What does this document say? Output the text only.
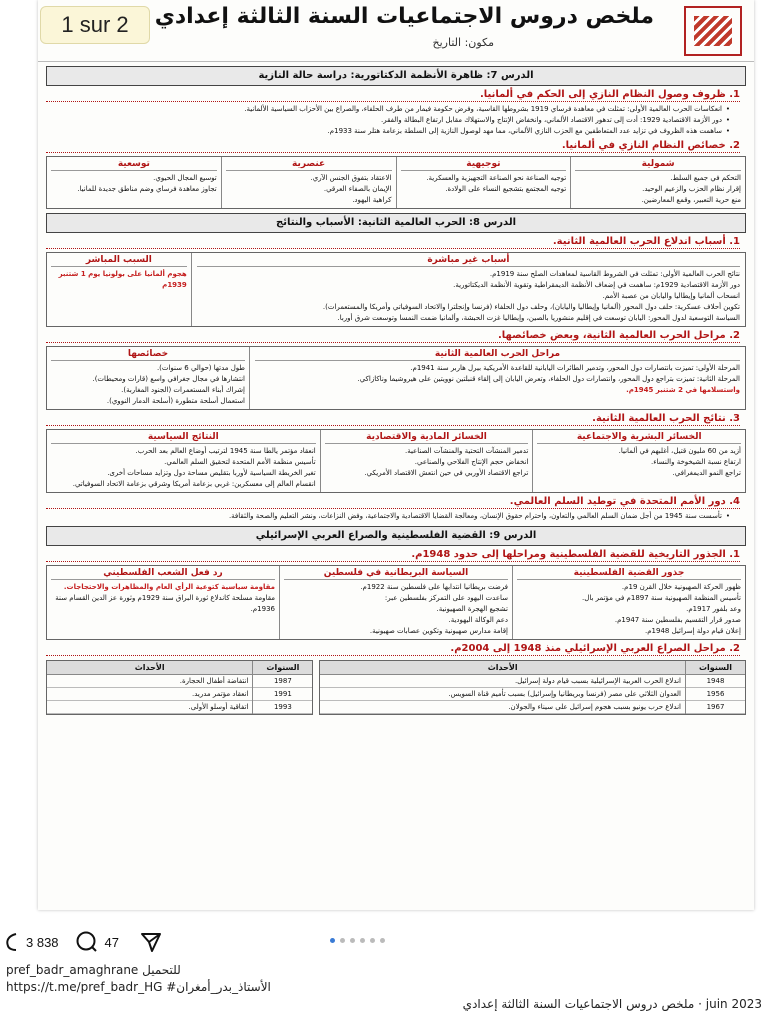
1 sur 2	ملخص دروس الاجتماعيات السنة الثالثة إعدادي
مكون: التاريخ
الدرس 7: ظاهرة الأنظمة الدكتاتورية: دراسة حالة النازية
1. ظروف وصول النظام النازي إلى الحكم في ألمانيا.
• انعكاسات الحرب العالمية الأولى: تمثلت في معاهدة فرساي 1919 بشروطها القاسية، وفرض حكومة فيمار من طرف الحلفاء، والصراع بين الأحزاب السياسية الألمانية.
• دور الأزمة الاقتصادية 1929: أدت إلى تدهور الاقتصاد الألماني، وانخفاض الإنتاج والاستهلاك مقابل ارتفاع البطالة والفقر.
• ساهمت هذه الظروف في تزايد عدد المتعاطفين مع الحزب النازي الألماني، مما مهد لوصول النازية إلى السلطة بزعامة هتلر سنة 1933م.
2. خصائص النظام النازي في ألمانيا.
شمولية
التحكم في جميع السلط.
إقرار نظام الحزب والزعيم الوحيد.
منع حرية التعبير، وقمع المعارضين.
توجيهية
توجيه الصناعة نحو الصناعة التجهيزية والعسكرية.
توجيه المجتمع بتشجيع النساء على الولادة.
عنصرية
الاعتقاد بتفوق الجنس الآري.
الإيمان بالصفاء العرقي.
كراهية اليهود.
توسعية
توسيع المجال الحيوي.
تجاوز معاهدة فرساي وضم مناطق جديدة للمانيا.
الدرس 8: الحرب العالمية الثانية: الأسباب والنتائج
1. أسباب اندلاع الحرب العالمية الثانية.
أسباب غير مباشرة
نتائج الحرب العالمية الأولى: تمثلت في الشروط القاسية لمعاهدات الصلح سنة 1919م.
دور الأزمة الاقتصادية 1929م: ساهمت في إضعاف الأنظمة الديمقراطية وتقوية الأنظمة الديكتاتورية.
انسحاب ألمانيا وإيطاليا واليابان من عصبة الأمم.
تكوين أحلاف عسكرية: حلف دول المحور (ألمانيا وإيطاليا واليابان)، وحلف دول الحلفاء (فرنسا وإنجلترا والاتحاد السوفياتي وأمريكا والمستعمرات).
السياسة التوسعية لدول المحور: اليابان توسعت في إقليم منشوريا بالصين، وإيطاليا غزت الحبشة، وألمانيا ضمت النمسا وتوسعت شرق أوربا.
السبب المباشر
هجوم ألمانيا على بولونيا يوم 1 شتنبر 1939م
2. مراحل الحرب العالمية الثانية، وبعض خصائصها.
مراحل الحرب العالمية الثانية
المرحلة الأولى: تميزت بانتصارات دول المحور، وتدمير الطائرات اليابانية للقاعدة الأمريكية بيرل هاربر سنة 1941م.
المرحلة الثانية: تميزت بتراجع دول المحور، وانتصارات دول الحلفاء، وتعرض اليابان إلى إلقاء قنبلتين نوويتين على هيروشيما وناكازاكي.
واستسلامها في 2 شتنبر 1945م.
خصائصها
طول مدتها (حوالي 6 سنوات).
انتشارها في مجال جغرافي واسع (قارات ومحيطات).
إشراك أبناء المستعمرات (الجنود المغاربة).
استعمال أسلحة متطورة (أسلحة الدمار النووي).
3. نتائج الحرب العالمية الثانية.
الخسائر البشرية والاجتماعية
أزيد من 60 مليون قتيل، أغلبهم في ألمانيا.
ارتفاع نسبة الشيخوخة والنساء.
تراجع النمو الديمغرافي.
الخسائر المادية والاقتصادية
تدمير المنشآت التحتية والمنشآت الصناعية.
انخفاض حجم الإنتاج الفلاحي والصناعي.
تراجع الاقتصاد الأوربي في حين انتعش الاقتصاد الأمريكي.
النتائج السياسية
انعقاد مؤتمر يالطا سنة 1945 لترتيب أوضاع العالم بعد الحرب.
تأسيس منظمة الأمم المتحدة لتحقيق السلم العالمي.
تغير الخريطة السياسية لأوربا بتقليص مساحة دول وتزايد مساحات أخرى.
انقسام العالم إلى معسكرين: غربي بزعامة أمريكا وشرقي بزعامة الاتحاد السوفياتي.
4. دور الأمم المتحدة في توطيد السلم العالمي.
• تأسست سنة 1945 من أجل ضمان السلم العالمي والتعاون، واحترام حقوق الإنسان، ومعالجة القضايا الاقتصادية والاجتماعية، وفض النزاعات، ونشر التعليم والصحة والثقافة.
الدرس 9: القضية الفلسطينية والصراع العربي الإسرائيلي
1. الجذور التاريخية للقضية الفلسطينية ومراحلها إلى حدود 1948م.
جذور القضية الفلسطينية
ظهور الحركة الصهيونية خلال القرن 19م.
تأسيس المنظمة الصهيونية سنة 1897م في مؤتمر بال.
وعد بلفور 1917م.
صدور قرار التقسيم بفلسطين سنة 1947م.
إعلان قيام دولة إسرائيل 1948م.
السياسة البريطانية في فلسطين
فرضت بريطانيا انتدابها على فلسطين سنة 1922م.
ساعدت اليهود على التمركز بفلسطين عبر:
تشجيع الهجرة الصهيونية.
دعم الوكالة اليهودية.
إقامة مدارس صهيونية وتكوين عصابات صهيونية.
رد فعل الشعب الفلسطيني
مقاومة سياسية كتوعية الرأي العام والمظاهرات والاحتجاجات.
مقاومة مسلحة كاندلاع ثورة البراق سنة 1929م وثورة عز الدين القسام سنة 1936م.
2. مراحل الصراع العربي الإسرائيلي منذ 1948 إلى 2004م.
السنوات
1948
1956
1967
الأحداث
اندلاع الحرب العربية الإسرائيلية بسبب قيام دولة إسرائيل.
العدوان الثلاثي على مصر (فرنسا وبريطانيا وإسرائيل) بسبب تأميم قناة السويس.
اندلاع حرب يونيو بسبب هجوم إسرائيل على سيناء والجولان.
السنوات
1987
1991
1993
الأحداث
انتفاضة أطفال الحجارة.
انعقاد مؤتمر مدريد.
اتفاقية أوسلو الأولى.
3 838	47
pref_badr_amaghrane للتحميل
https://t.me/pref_badr_HG #الأستاذ_بدر_أمغران
juin 2023 · ملخص دروس الاجتماعيات السنة الثالثة إعدادي
